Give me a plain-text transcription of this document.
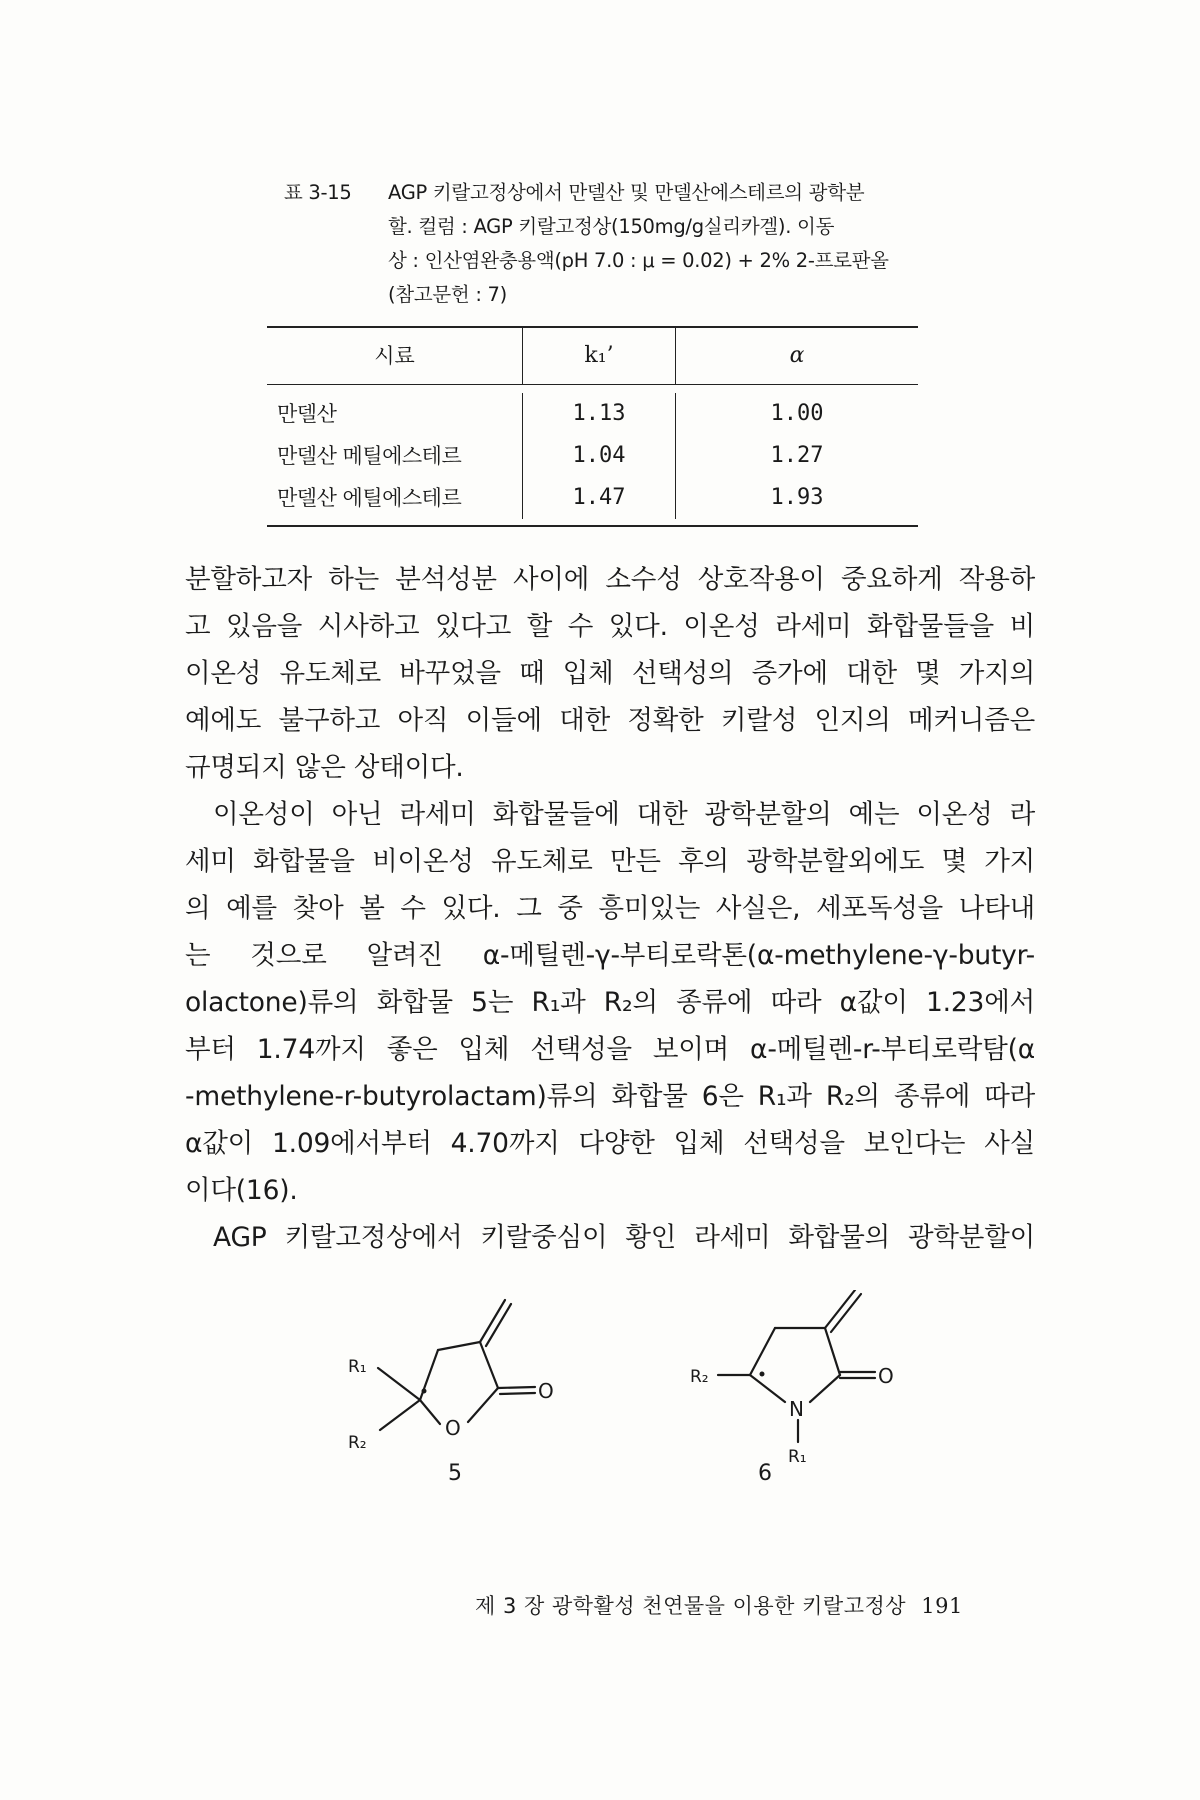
표 3-15	AGP 키랄고정상에서 만델산 및 만델산에스테르의 광학분
할. 컬럼 : AGP 키랄고정상(150mg/g실리카겔). 이동
상 : 인산염완충용액(pH 7.0 : μ = 0.02) + 2% 2-프로판올
(참고문헌 : 7)
시료	k₁’	α
만델산	1.13	1.00
만델산 메틸에스테르	1.04	1.27
만델산 에틸에스테르	1.47	1.93
분할하고자 하는 분석성분 사이에 소수성 상호작용이 중요하게 작용하
고 있음을 시사하고 있다고 할 수 있다. 이온성 라세미 화합물들을 비
이온성 유도체로 바꾸었을 때 입체 선택성의 증가에 대한 몇 가지의
예에도 불구하고 아직 이들에 대한 정확한 키랄성 인지의 메커니즘은
규명되지 않은 상태이다.
이온성이 아닌 라세미 화합물들에 대한 광학분할의 예는 이온성 라
세미 화합물을 비이온성 유도체로 만든 후의 광학분할외에도 몇 가지
의 예를 찾아 볼 수 있다. 그 중 흥미있는 사실은, 세포독성을 나타내
는 것으로 알려진 α-메틸렌-γ-부티로락톤(α-methylene-γ-butyr-
olactone)류의 화합물 5는 R₁과 R₂의 종류에 따라 α값이 1.23에서
부터 1.74까지 좋은 입체 선택성을 보이며 α-메틸렌-r-부티로락탐(α
-methylene-r-butyrolactam)류의 화합물 6은 R₁과 R₂의 종류에 따라
α값이 1.09에서부터 4.70까지 다양한 입체 선택성을 보인다는 사실
이다(16).
AGP 키랄고정상에서 키랄중심이 황인 라세미 화합물의 광학분할이
R₁
R₂
O
O
5
R₂
N
O
R₁
6
제 3 장 광학활성 천연물을 이용한 키랄고정상 191
